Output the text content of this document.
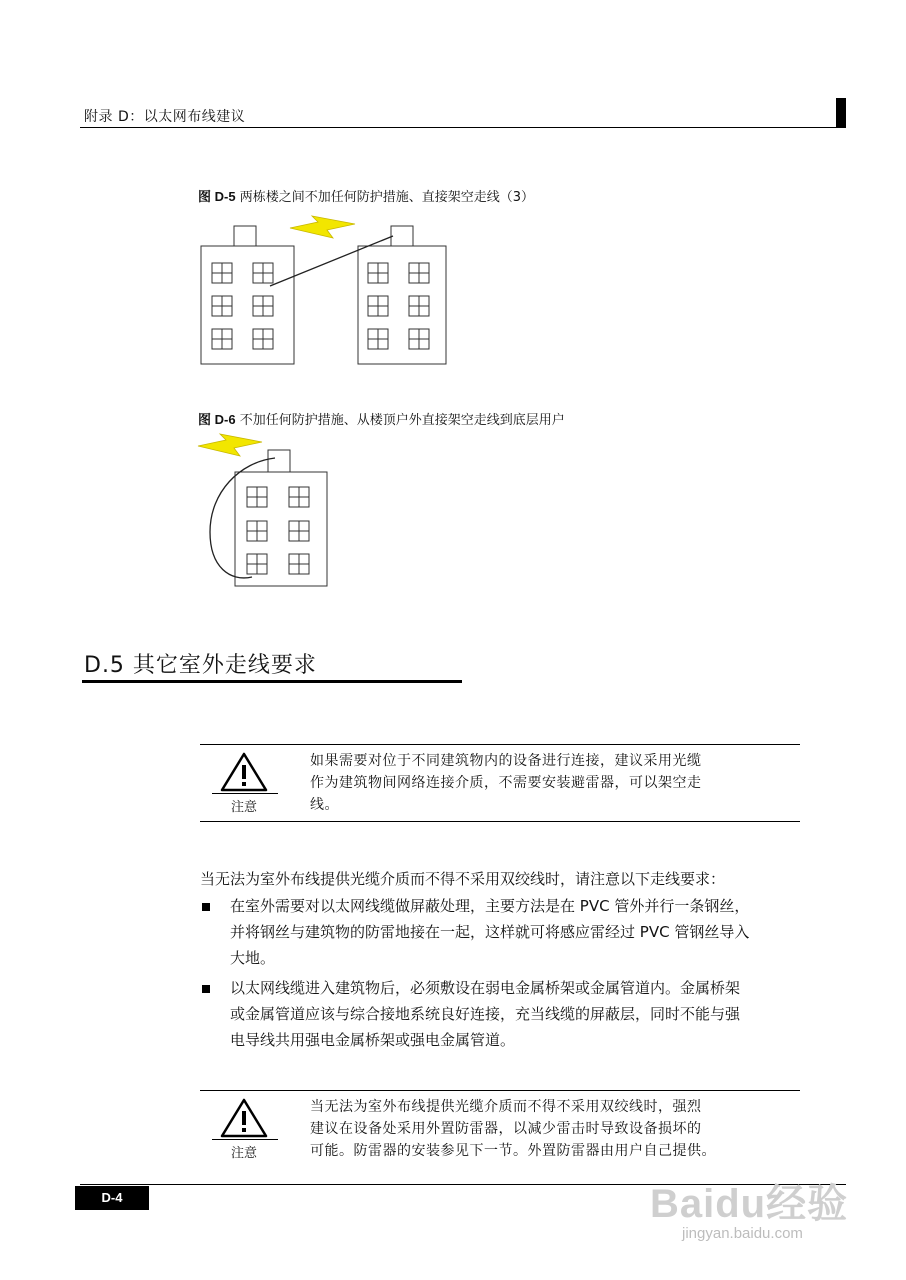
附录 D：以太网布线建议
图 D-5 两栋楼之间不加任何防护措施、直接架空走线（3）
图 D-6 不加任何防护措施、从楼顶户外直接架空走线到底层用户
D.5 其它室外走线要求
注意
如果需要对位于不同建筑物内的设备进行连接，建议采用光缆
作为建筑物间网络连接介质，不需要安装避雷器，可以架空走
线。
当无法为室外布线提供光缆介质而不得不采用双绞线时，请注意以下走线要求：
在室外需要对以太网线缆做屏蔽处理，主要方法是在 PVC 管外并行一条钢丝，
并将钢丝与建筑物的防雷地接在一起，这样就可将感应雷经过 PVC 管钢丝导入
大地。
以太网线缆进入建筑物后，必须敷设在弱电金属桥架或金属管道内。金属桥架
或金属管道应该与综合接地系统良好连接，充当线缆的屏蔽层，同时不能与强
电导线共用强电金属桥架或强电金属管道。
注意
当无法为室外布线提供光缆介质而不得不采用双绞线时，强烈
建议在设备处采用外置防雷器，以减少雷击时导致设备损坏的
可能。防雷器的安装参见下一节。外置防雷器由用户自己提供。
D-4	Baidu经验
jingyan.baidu.com
